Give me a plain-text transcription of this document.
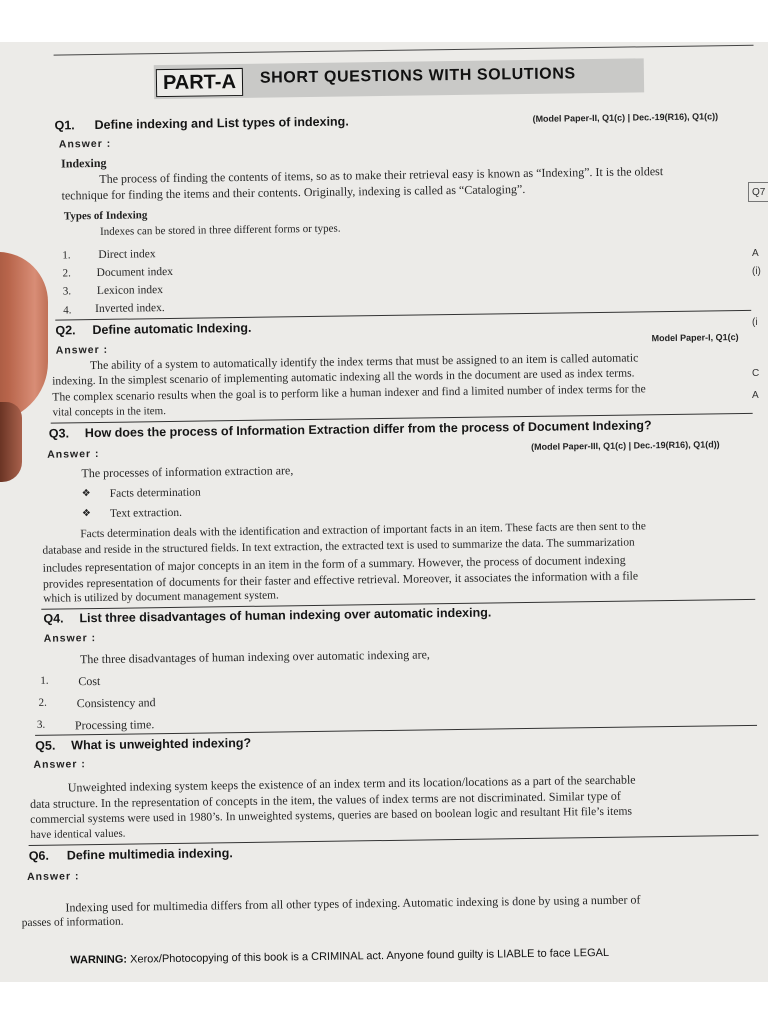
PART-A	SHORT QUESTIONS WITH SOLUTIONS
Q1. Define indexing and List types of indexing.	(Model Paper-II, Q1(c) | Dec.-19(R16), Q1(c))
Answer :
Indexing
The process of finding the contents of items, so as to make their retrieval easy is known as “Indexing”. It is the oldest
technique for finding the items and their contents. Originally, indexing is called as “Cataloging”.
Types of Indexing
Indexes can be stored in three different forms or types.
1. Direct index
2. Document index
3. Lexicon index
4. Inverted index.
Q2. Define automatic Indexing.
Model Paper-I, Q1(c)
Answer :
The ability of a system to automatically identify the index terms that must be assigned to an item is called automatic
indexing. In the simplest scenario of implementing automatic indexing all the words in the document are used as index terms.
The complex scenario results when the goal is to perform like a human indexer and find a limited number of index terms for the
vital concepts in the item.
Q3. How does the process of Information Extraction differ from the process of Document Indexing?
Answer :
(Model Paper-III, Q1(c) | Dec.-19(R16), Q1(d))
The processes of information extraction are,
❖ Facts determination
❖ Text extraction.
Facts determination deals with the identification and extraction of important facts in an item. These facts are then sent to the
database and reside in the structured fields. In text extraction, the extracted text is used to summarize the data. The summarization
includes representation of major concepts in an item in the form of a summary. However, the process of document indexing
provides representation of documents for their faster and effective retrieval. Moreover, it associates the information with a file
which is utilized by document management system.
Q4. List three disadvantages of human indexing over automatic indexing.
Answer :
The three disadvantages of human indexing over automatic indexing are,
1. Cost
2. Consistency and
3. Processing time.
Q5. What is unweighted indexing?
Answer :
Unweighted indexing system keeps the existence of an index term and its location/locations as a part of the searchable
data structure. In the representation of concepts in the item, the values of index terms are not discriminated. Similar type of
commercial systems were used in 1980’s. In unweighted systems, queries are based on boolean logic and resultant Hit file’s items
have identical values.
Q6. Define multimedia indexing.
Answer :
Indexing used for multimedia differs from all other types of indexing. Automatic indexing is done by using a number of
passes of information.
WARNING: Xerox/Photocopying of this book is a CRIMINAL act. Anyone found guilty is LIABLE to face LEGAL
Q7
A
(i)
(i
C
A
